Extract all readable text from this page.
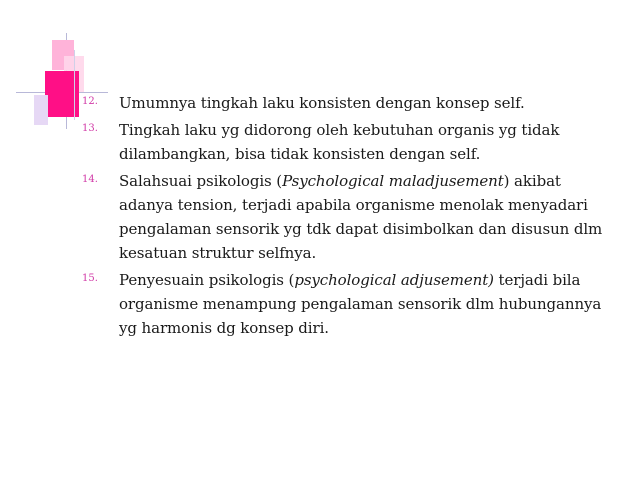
12.	Umumnya tingkah laku konsisten dengan konsep self.
13.	Tingkah laku yg didorong oleh kebutuhan organis yg tidak dilambangkan, bisa tidak konsisten dengan self.
14.	Salahsuai psikologis (Psychological maladjusement) akibat adanya tension, terjadi apabila organisme menolak menyadari pengalaman sensorik yg tdk dapat disimbolkan dan disusun dlm kesatuan struktur selfnya.
15.	Penyesuain psikologis (psychological adjusement) terjadi bila organisme menampung pengalaman sensorik dlm hubungannya yg harmonis dg konsep diri.
